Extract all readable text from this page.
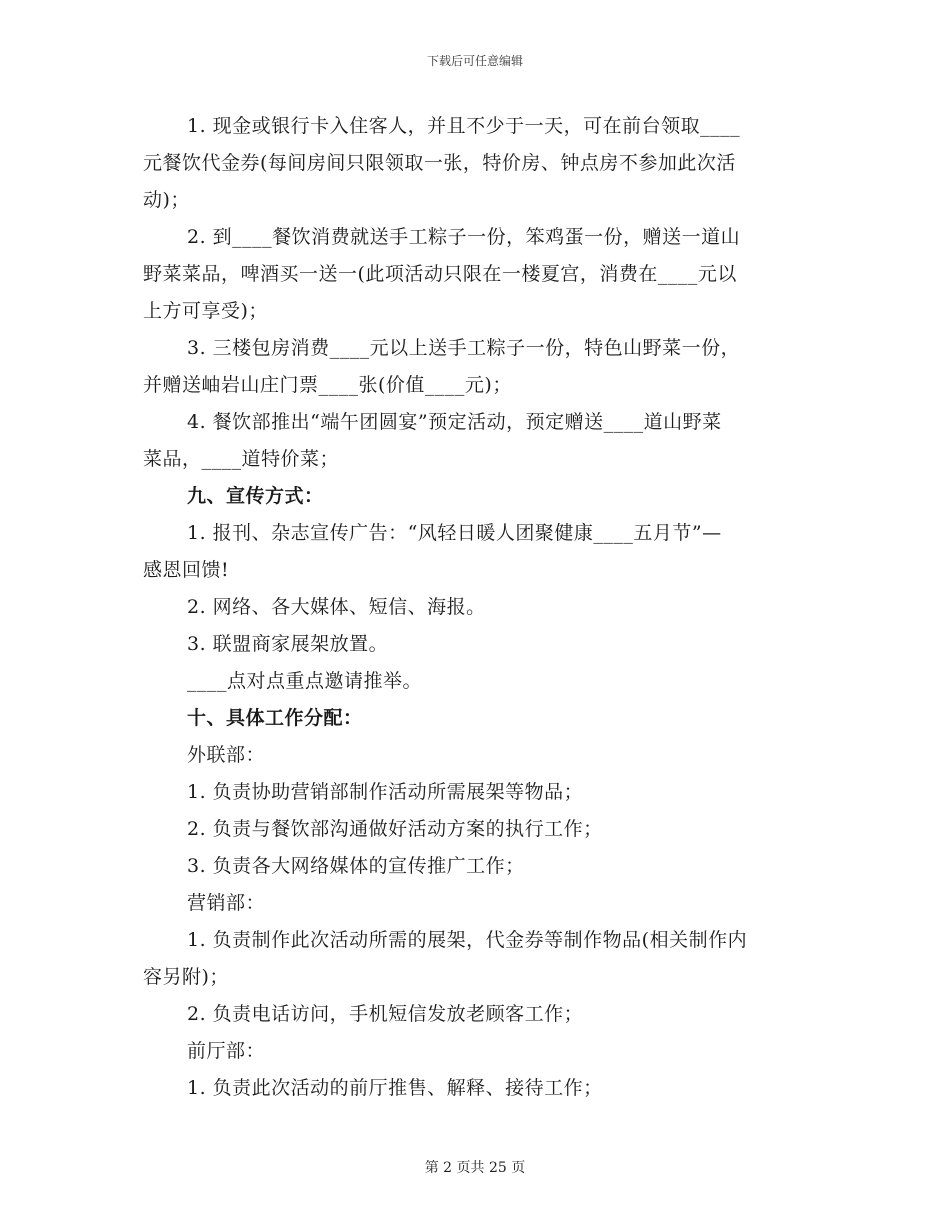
下载后可任意编辑
1. 现金或银行卡入住客人，并且不少于一天，可在前台领取____
元餐饮代金券(每间房间只限领取一张，特价房、钟点房不参加此次活
动)；
2. 到____餐饮消费就送手工粽子一份，笨鸡蛋一份，赠送一道山
野菜菜品，啤酒买一送一(此项活动只限在一楼夏宫，消费在____元以
上方可享受)；
3. 三楼包房消费____元以上送手工粽子一份，特色山野菜一份，
并赠送岫岩山庄门票____张(价值____元)；
4. 餐饮部推出“端午团圆宴”预定活动，预定赠送____道山野菜
菜品，____道特价菜；
九、宣传方式：
1. 报刊、杂志宣传广告：“风轻日暖人团聚健康____五月节”—
感恩回馈!
2. 网络、各大媒体、短信、海报。
3. 联盟商家展架放置。
____点对点重点邀请推举。
十、具体工作分配：
外联部：
1. 负责协助营销部制作活动所需展架等物品；
2. 负责与餐饮部沟通做好活动方案的执行工作；
3. 负责各大网络媒体的宣传推广工作；
营销部：
1. 负责制作此次活动所需的展架，代金券等制作物品(相关制作内
容另附)；
2. 负责电话访问，手机短信发放老顾客工作；
前厅部：
1. 负责此次活动的前厅推售、解释、接待工作；
第 2 页共 25 页
